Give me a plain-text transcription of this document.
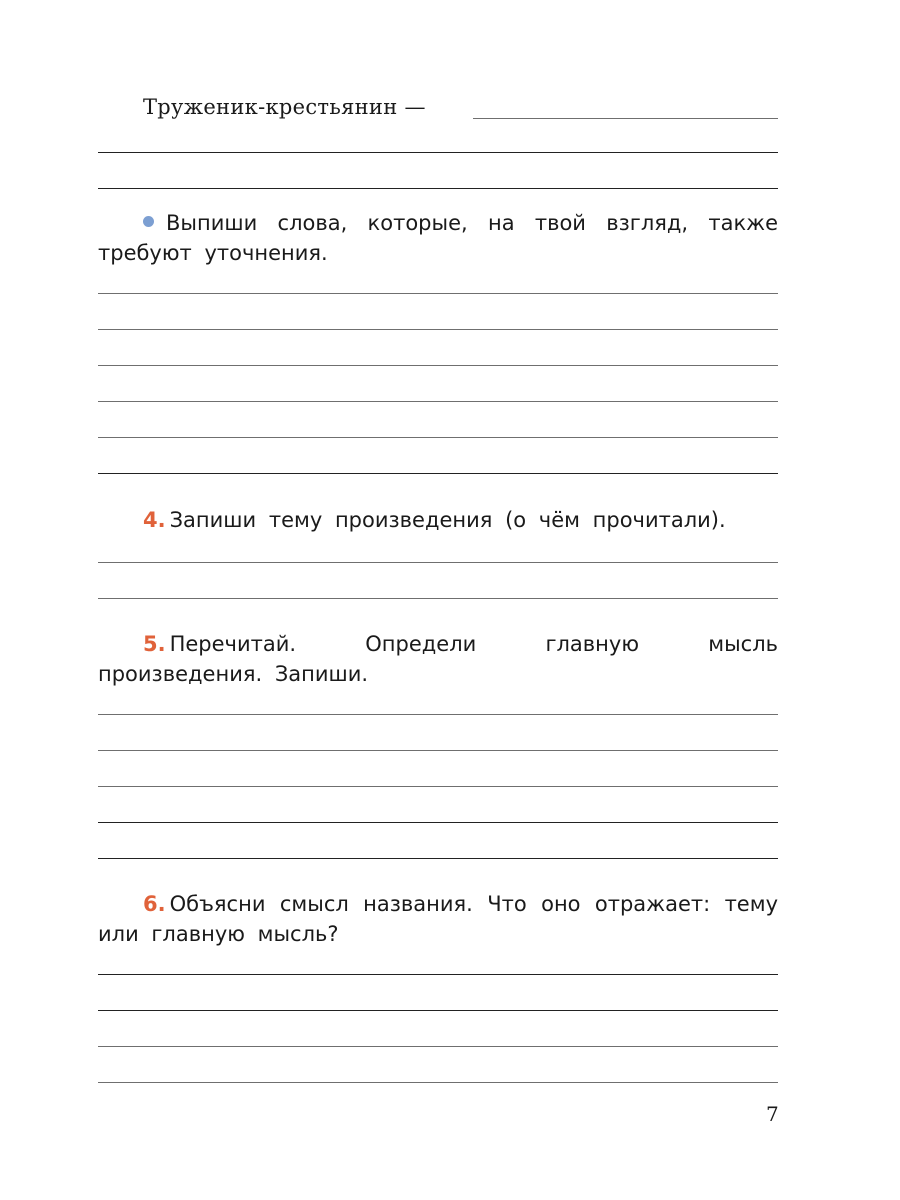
Труженик-крестьянин —
Выпиши слова, которые, на твой взгляд, также требуют уточнения.
4. Запиши тему произведения (о чём прочитали).
5. Перечитай. Определи главную мысль произведения. Запиши.
6. Объясни смысл названия. Что оно отражает: тему или главную мысль?
7
